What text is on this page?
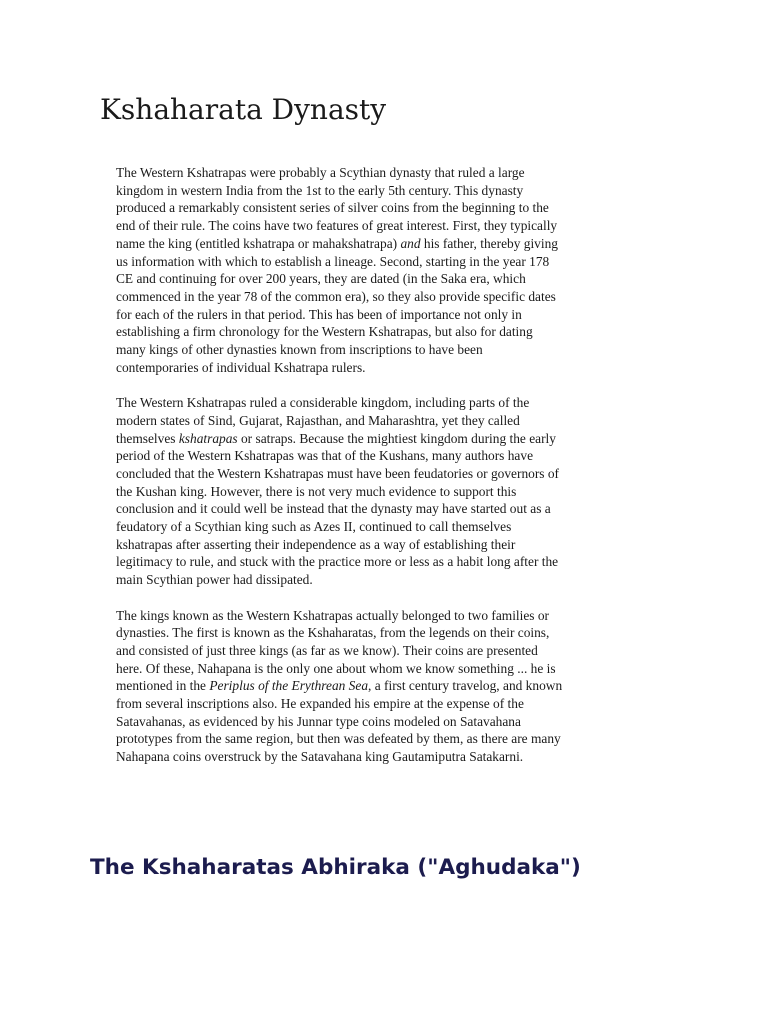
Kshaharata Dynasty

The Western Kshatrapas were probably a Scythian dynasty that ruled a large kingdom in western India from the 1st to the early 5th century. This dynasty produced a remarkably consistent series of silver coins from the beginning to the end of their rule. The coins have two features of great interest. First, they typically name the king (entitled kshatrapa or mahakshatrapa) and his father, thereby giving us information with which to establish a lineage. Second, starting in the year 178 CE and continuing for over 200 years, they are dated (in the Saka era, which commenced in the year 78 of the common era), so they also provide specific dates for each of the rulers in that period. This has been of importance not only in establishing a firm chronology for the Western Kshatrapas, but also for dating many kings of other dynasties known from inscriptions to have been contemporaries of individual Kshatrapa rulers.

The Western Kshatrapas ruled a considerable kingdom, including parts of the modern states of Sind, Gujarat, Rajasthan, and Maharashtra, yet they called themselves kshatrapas or satraps. Because the mightiest kingdom during the early period of the Western Kshatrapas was that of the Kushans, many authors have concluded that the Western Kshatrapas must have been feudatories or governors of the Kushan king. However, there is not very much evidence to support this conclusion and it could well be instead that the dynasty may have started out as a feudatory of a Scythian king such as Azes II, continued to call themselves kshatrapas after asserting their independence as a way of establishing their legitimacy to rule, and stuck with the practice more or less as a habit long after the main Scythian power had dissipated.

The kings known as the Western Kshatrapas actually belonged to two families or dynasties. The first is known as the Kshaharatas, from the legends on their coins, and consisted of just three kings (as far as we know). Their coins are presented here. Of these, Nahapana is the only one about whom we know something ... he is mentioned in the Periplus of the Erythrean Sea, a first century travelog, and known from several inscriptions also. He expanded his empire at the expense of the Satavahanas, as evidenced by his Junnar type coins modeled on Satavahana prototypes from the same region, but then was defeated by them, as there are many Nahapana coins overstruck by the Satavahana king Gautamiputra Satakarni.

The Kshaharatas Abhiraka ("Aghudaka")
